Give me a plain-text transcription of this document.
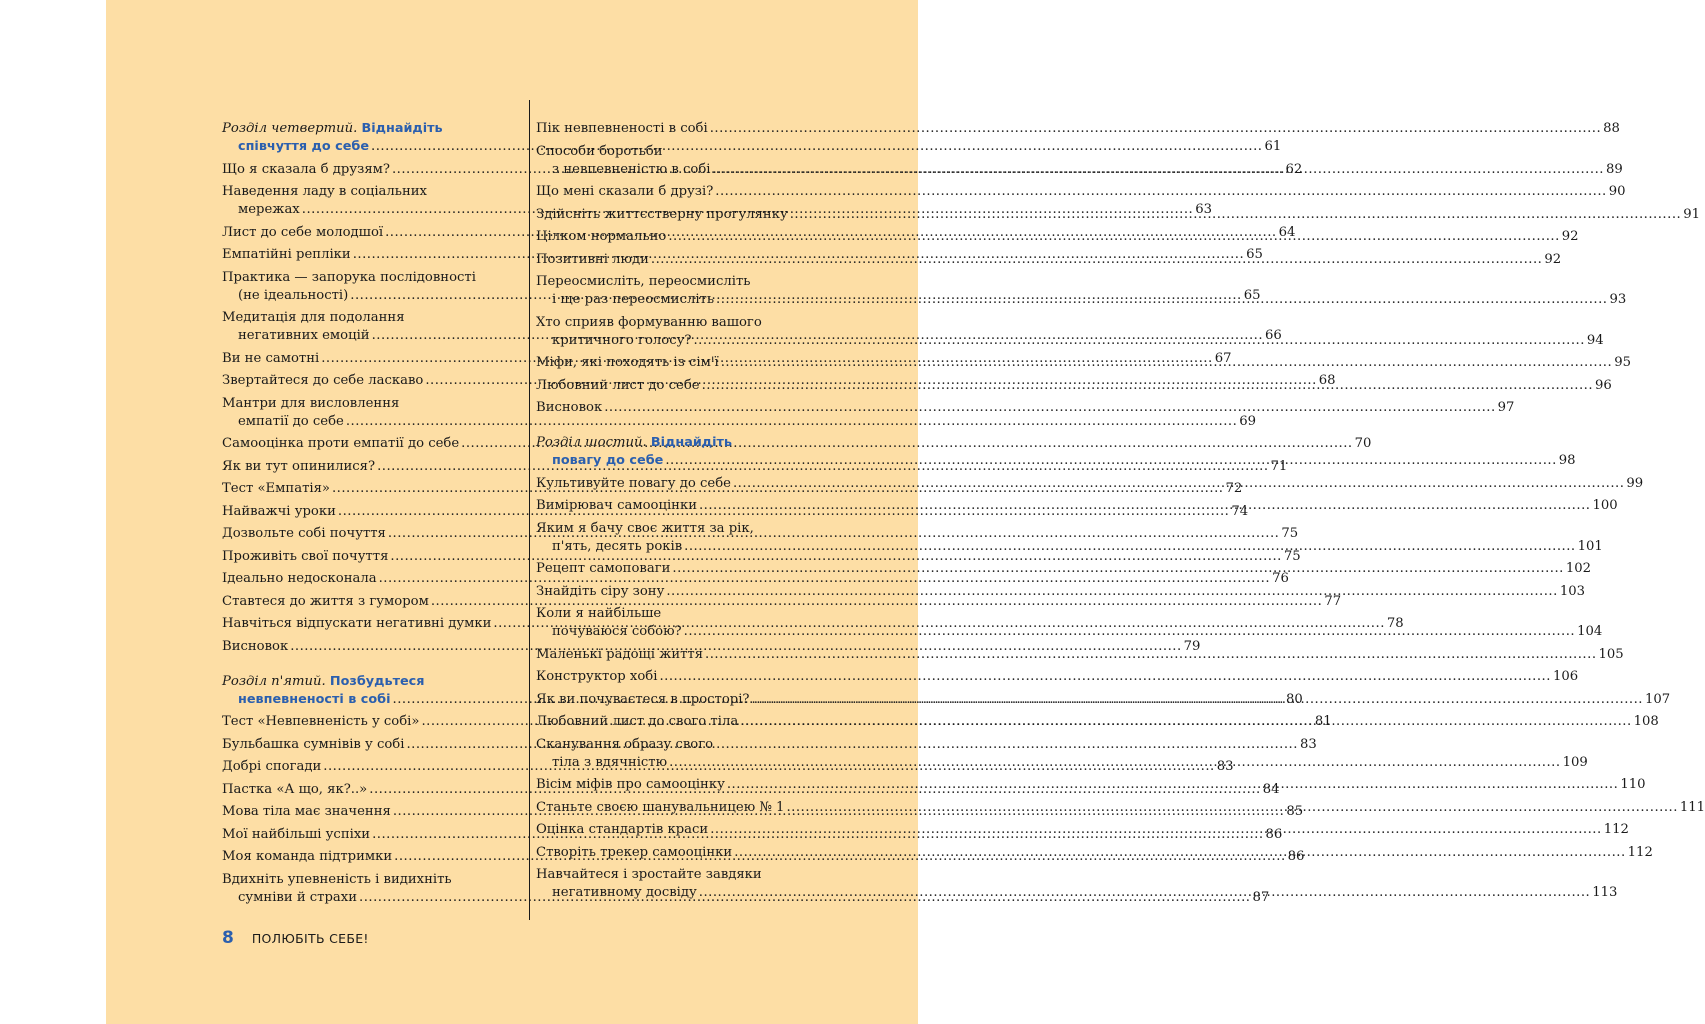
Розділ четвертий. Віднайдіть
співчуття до себе .....	61
Що я сказала б друзям? .....	62
Наведення ладу в соціальних
мережах .....	63
Лист до себе молодшої .....	64
Емпатійні репліки .....	65
Практика — запорука послідовності
(не ідеальності) .....	65
Медитація для подолання
негативних емоцій .....	66
Ви не самотні .....	67
Звертайтеся до себе ласкаво .....	68
Мантри для висловлення
емпатії до себе .....	69
Самооцінка проти емпатії до себе .....	70
Як ви тут опинилися? .....	71
Тест «Емпатія» .....	72
Найважчі уроки .....	74
Дозвольте собі почуття .....	75
Проживіть свої почуття .....	75
Ідеально недосконала .....	76
Ставтеся до життя з гумором .....	77
Навчіться відпускати негативні думки .....	78
Висновок .....	79
Розділ п'ятий. Позбудьтеся
невпевненості в собі .....	80
Тест «Невпевненість у собі» .....	81
Бульбашка сумнівів у собі .....	83
Добрі спогади .....	83
Пастка «А що, як?..» .....	84
Мова тіла має значення .....	85
Мої найбільші успіхи .....	86
Моя команда підтримки .....	86
Вдихніть упевненість і видихніть
сумніви й страхи .....	87
Пік невпевненості в собі .....	88
Способи боротьби
з невпевненістю в собі .....	89
Що мені сказали б друзі? .....	90
Здійсніть життєстверну прогулянку .....	91
Цілком нормально .....	92
Позитивні люди .....	92
Переосмисліть, переосмисліть
і ще раз переосмисліть .....	93
Хто сприяв формуванню вашого
критичного голосу? .....	94
Міфи, які походять із сім'ї .....	95
Любовний лист до себе .....	96
Висновок .....	97
Розділ шостий. Віднайдіть
повагу до себе .....	98
Культивуйте повагу до себе .....	99
Вимірювач самооцінки .....	100
Яким я бачу своє життя за рік,
п'ять, десять років .....	101
Рецепт самоповаги .....	102
Знайдіть сіру зону .....	103
Коли я найбільше
почуваюся собою? .....	104
Маленькі радощі життя .....	105
Конструктор хобі .....	106
Як ви почуваєтеся в просторі? .....	107
Любовний лист до свого тіла .....	108
Сканування образу свого
тіла з вдячністю .....	109
Вісім міфів про самооцінку .....	110
Станьте своєю шанувальницею № 1 .....	111
Оцінка стандартів краси .....	112
Створіть трекер самооцінки .....	112
Навчайтеся і зростайте завдяки
негативному досвіду .....	113
8 ПОЛЮБІТЬ СЕБЕ!
